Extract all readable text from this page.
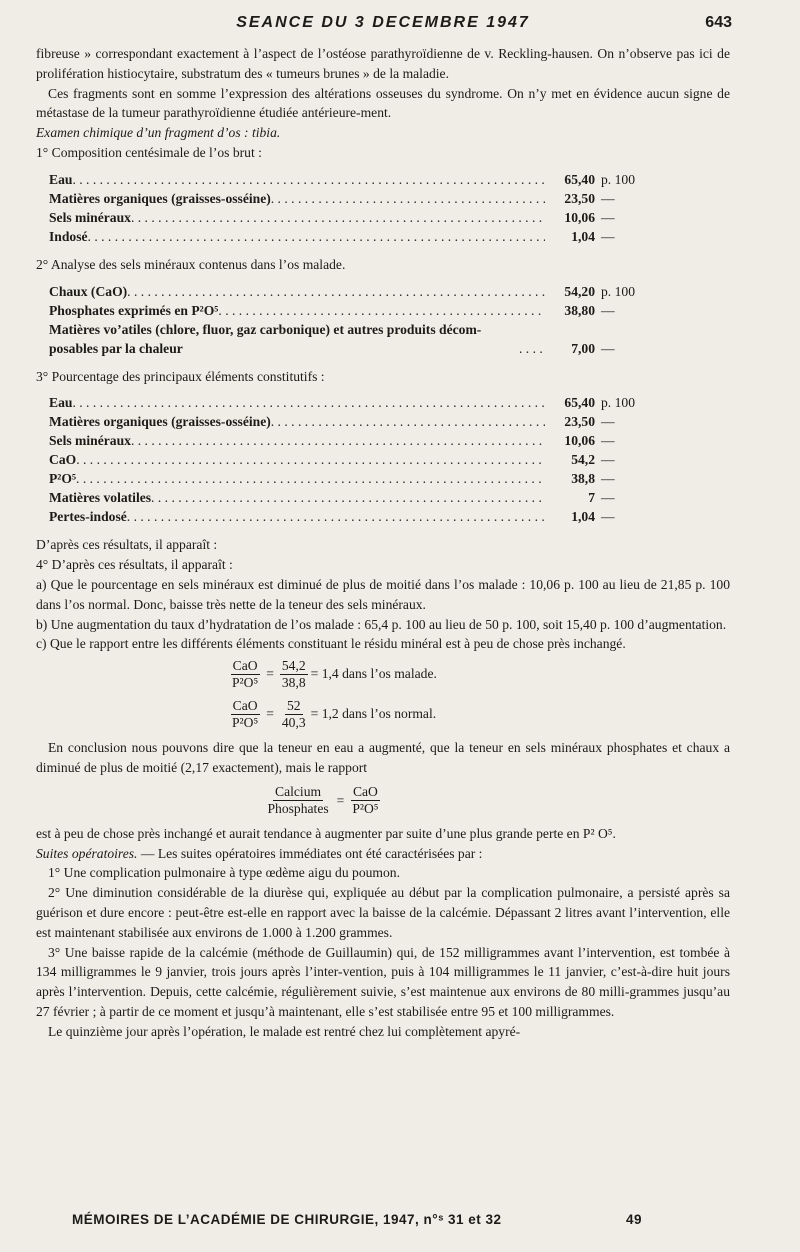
SEANCE DU 3 DECEMBRE 1947	643

fibreuse » correspondant exactement à l’aspect de l’ostéose parathyroïdienne de v. Reckling-hausen. On n’observe pas ici de prolifération histiocytaire, substratum des « tumeurs brunes » de la maladie.

Ces fragments sont en somme l’expression des altérations osseuses du syndrome. On n’y met en évidence aucun signe de métastase de la tumeur parathyroïdienne étudiée antérieure-ment.

Examen chimique d’un fragment d’os : tibia.

1° Composition centésimale de l’os brut :

Eau . . .	65,40 p. 100
Matières organiques (graisses-osséine) . . .	23,50 —
Sels minéraux . . .	10,06 —
Indosé . . .	1,04 —

2° Analyse des sels minéraux contenus dans l’os malade.

Chaux (CaO) . . .	54,20 p. 100
Phosphates exprimés en P²O⁵ . . .	38,80 —
Matières vo’atiles (chlore, fluor, gaz carbonique) et autres produits décom-posables par la chaleur . . .	7,00 —

3° Pourcentage des principaux éléments constitutifs :

Eau . . .	65,40 p. 100
Matières organiques (graisses-osséine) . . .	23,50 —
Sels minéraux . . .	10,06 —
CaO . . .	54,2 —
P²O⁵ . . .	38,8 —
Matières volatiles . . .	7 —
Pertes-indosé . . .	1,04 —

D’après ces résultats, il apparaît :

4° D’après ces résultats, il apparaît :

a) Que le pourcentage en sels minéraux est diminué de plus de moitié dans l’os malade : 10,06 p. 100 au lieu de 21,85 p. 100 dans l’os normal. Donc, baisse très nette de la teneur des sels minéraux.

b) Une augmentation du taux d’hydratation de l’os malade : 65,4 p. 100 au lieu de 50 p. 100, soit 15,40 p. 100 d’augmentation.

c) Que le rapport entre les différents éléments constituant le résidu minéral est à peu de chose près inchangé.

$\frac{\text{CaO}}{\text{P²O⁵}} = \frac{54,2}{38,8} = 1,4$ dans l’os malade.
$\frac{\text{CaO}}{\text{P²O⁵}} = \frac{52}{40,3} = 1,2$ dans l’os normal.

En conclusion nous pouvons dire que la teneur en eau a augmenté, que la teneur en sels minéraux phosphates et chaux a diminué de plus de moitié (2,17 exactement), mais le rapport

$\frac{\text{Calcium}}{\text{Phosphates}} = \frac{\text{CaO}}{\text{P²O⁵}}$

est à peu de chose près inchangé et aurait tendance à augmenter par suite d’une plus grande perte en P² O⁵.

Suites opératoires. — Les suites opératoires immédiates ont été caractérisées par :

1° Une complication pulmonaire à type œdème aigu du poumon.

2° Une diminution considérable de la diurèse qui, expliquée au début par la complication pulmonaire, a persisté après sa guérison et dure encore : peut-être est-elle en rapport avec la baisse de la calcémie. Dépassant 2 litres avant l’intervention, elle est maintenant stabilisée aux environs de 1.000 à 1.200 grammes.

3° Une baisse rapide de la calcémie (méthode de Guillaumin) qui, de 152 milligrammes avant l’intervention, est tombée à 134 milligrammes le 9 janvier, trois jours après l’inter-vention, puis à 104 milligrammes le 11 janvier, c’est-à-dire huit jours après l’intervention. Depuis, cette calcémie, régulièrement suivie, s’est maintenue aux environs de 80 milli-grammes jusqu’au 27 février ; à partir de ce moment et jusqu’à maintenant, elle s’est stabilisée entre 95 et 100 milligrammes.

Le quinzième jour après l’opération, le malade est rentré chez lui complètement apyré-

MÉMOIRES DE L’ACADÉMIE DE CHIRURGIE, 1947, n°ˢ 31 et 32	49
